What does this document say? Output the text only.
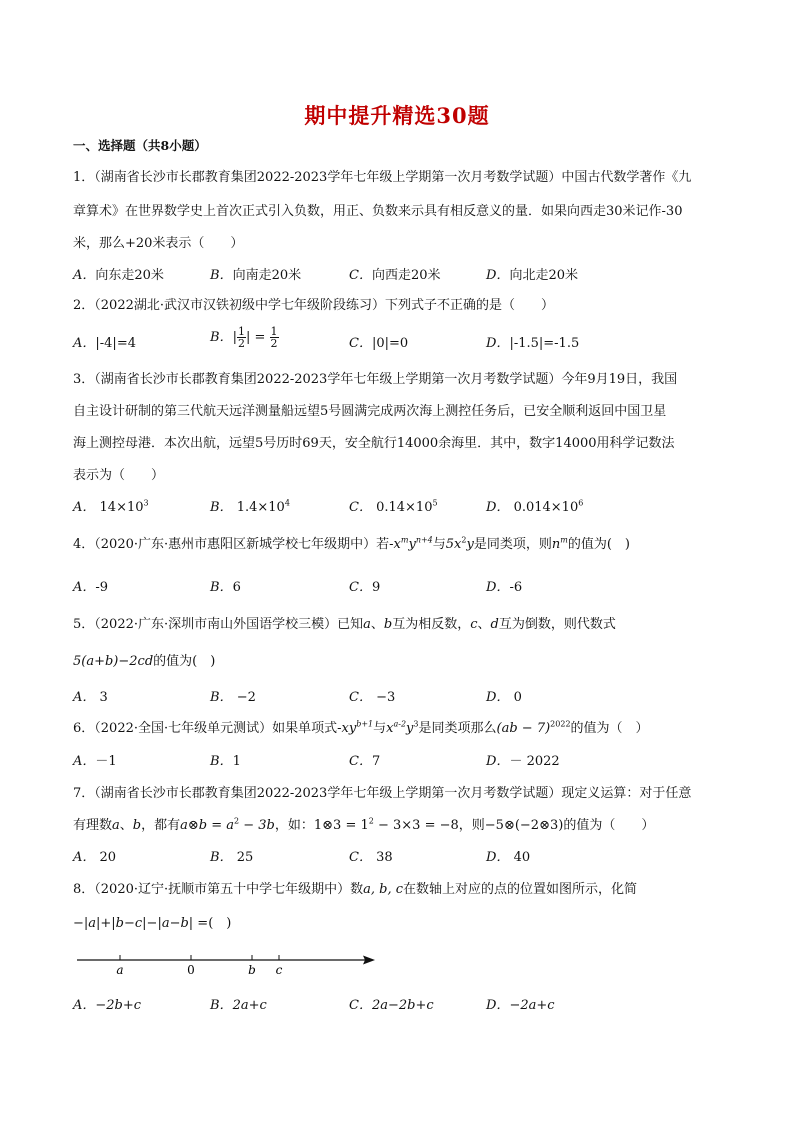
期中提升精选30题
一、选择题（共8小题）
1．（湖南省长沙市长郡教育集团2022-2023学年七年级上学期第一次月考数学试题）中国古代数学著作《九
章算术》在世界数学史上首次正式引入负数，用正、负数来示具有相反意义的量．如果向西走30米记作-30
米，那么+20米表示（　　）
A．向东走20米	B．向南走20米	C．向西走20米	D．向北走20米
2．（2022湖北·武汉市汉铁初级中学七年级阶段练习）下列式子不正确的是（　　）
A．|-4|=4	B．| $\frac{1}{2}$ | = $\frac{1}{2}$	C．|0|=0	D．|-1.5|=-1.5
3．（湖南省长沙市长郡教育集团2022-2023学年七年级上学期第一次月考数学试题）今年9月19日，我国
自主设计研制的第三代航天远洋测量船远望5号圆满完成两次海上测控任务后，已安全顺利返回中国卫星
海上测控母港．本次出航，远望5号历时69天，安全航行14000余海里．其中，数字14000用科学记数法
表示为（　　）
A． $14\times 10^3$	B． $1.4\times 10^4$	C． $0.14\times 10^5$	D． $0.014\times 10^6$
4．（2020·广东·惠州市惠阳区新城学校七年级期中）若$-x^my^{n+4}$与$5x^2y$是同类项，则$n^m$的值为(　)
A．-9	B．6	C．9	D．-6
5．（2022·广东·深圳市南山外国语学校三模）已知a、b互为相反数，c、d互为倒数，则代数式
5(a+b)−2cd的值为(　)
A． 3	B． −2	C． −3	D． 0
6．（2022·全国·七年级单元测试）如果单项式$-xy^{b+1}$与$x^{a-2}y^3$是同类项那么(ab − 7)$^{2022}$的值为（　）
A．－1	B．1	C．7	D．－ 2022
7．（湖南省长沙市长郡教育集团2022-2023学年七年级上学期第一次月考数学试题）现定义运算：对于任意
有理数a、b，都有a⊗b = $a^2 - 3b$，如：1⊗3 = $1^2 - 3\times 3 = -8$，则−5⊗(−2⊗3)的值为（　　）
A． 20	B． 25	C． 38	D． 40
8．（2020·辽宁·抚顺市第五十中学七年级期中）数a, b, c在数轴上对应的点的位置如图所示，化简
−|a|+|b−c|−|a−b| =(　)
a	0	b c
A．−2b+c	B．2a+c	C．2a−2b+c	D．−2a+c
